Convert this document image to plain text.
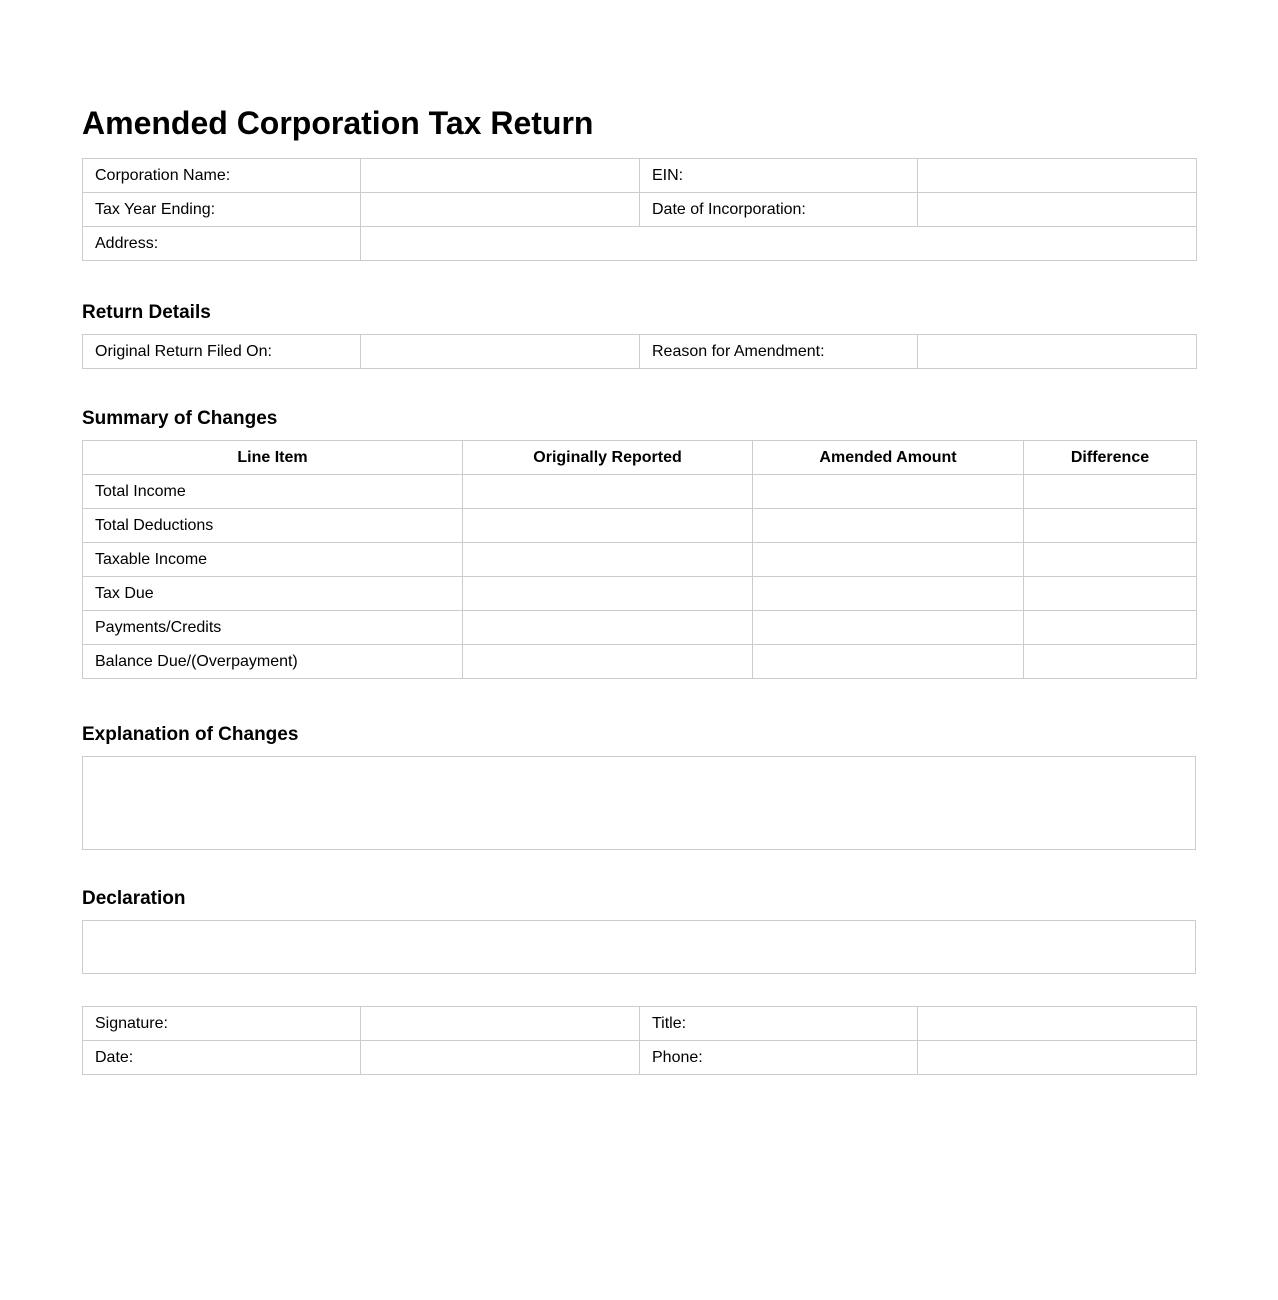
Amended Corporation Tax Return
Corporation Name:		EIN:	
Tax Year Ending:		Date of Incorporation:	
Address:			
Return Details
Original Return Filed On:		Reason for Amendment:	
Summary of Changes
Line Item	Originally Reported	Amended Amount	Difference
Total Income			
Total Deductions			
Taxable Income			
Tax Due			
Payments/Credits			
Balance Due/(Overpayment)			
Explanation of Changes
Declaration
Signature:		Title:	
Date:		Phone:	
